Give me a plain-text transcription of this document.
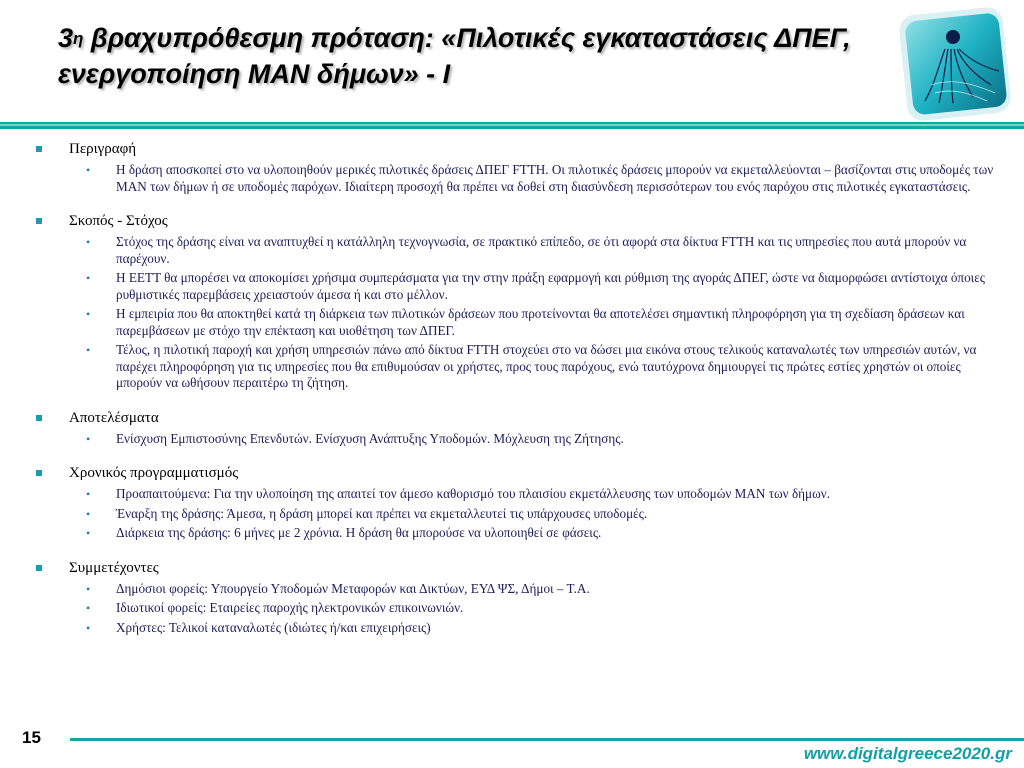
$3^\eta$ βραχυπρόθεσμη πρόταση: «Πιλοτικές εγκαταστάσεις ΔΠΕΓ, ενεργοποίηση MAN δήμων» - I
Περιγραφή
• Η δράση αποσκοπεί στο να υλοποιηθούν μερικές πιλοτικές δράσεις ΔΠΕΓ FTTH. Οι πιλοτικές δράσεις μπορούν να εκμεταλλεύονται – βασίζονται στις υποδομές των MAN των δήμων ή σε υποδομές παρόχων. Ιδιαίτερη προσοχή θα πρέπει να δοθεί στη διασύνδεση περισσότερων του ενός παρόχου στις πιλοτικές εγκαταστάσεις.
Σκοπός - Στόχος
• Στόχος της δράσης είναι να αναπτυχθεί η κατάλληλη τεχνογνωσία, σε πρακτικό επίπεδο, σε ότι αφορά στα δίκτυα FTTH και τις υπηρεσίες που αυτά μπορούν να παρέχουν.
• Η ΕΕΤΤ θα μπορέσει να αποκομίσει χρήσιμα συμπεράσματα για την στην πράξη εφαρμογή και ρύθμιση της αγοράς ΔΠΕΓ, ώστε να διαμορφώσει αντίστοιχα όποιες ρυθμιστικές παρεμβάσεις χρειαστούν άμεσα ή και στο μέλλον.
• Η εμπειρία που θα αποκτηθεί κατά τη διάρκεια των πιλοτικών δράσεων που προτείνονται θα αποτελέσει σημαντική πληροφόρηση για τη σχεδίαση δράσεων και παρεμβάσεων με στόχο την επέκταση και υιοθέτηση των ΔΠΕΓ.
• Τέλος, η πιλοτική παροχή και χρήση υπηρεσιών πάνω από δίκτυα FTTH στοχεύει στο να δώσει μια εικόνα στους τελικούς καταναλωτές των υπηρεσιών αυτών, να παρέχει πληροφόρηση για τις υπηρεσίες που θα επιθυμούσαν οι χρήστες, προς τους παρόχους, ενώ ταυτόχρονα δημιουργεί τις πρώτες εστίες χρηστών οι οποίες μπορούν να ωθήσουν περαιτέρω τη ζήτηση.
Αποτελέσματα
• Ενίσχυση Εμπιστοσύνης Επενδυτών. Ενίσχυση Ανάπτυξης Υποδομών. Μόχλευση της Ζήτησης.
Χρονικός προγραμματισμός
• Προαπαιτούμενα: Για την υλοποίηση της απαιτεί τον άμεσο καθορισμό του πλαισίου εκμετάλλευσης των υποδομών MAN των δήμων.
• Έναρξη της δράσης: Άμεσα, η δράση μπορεί και πρέπει να εκμεταλλευτεί τις υπάρχουσες υποδομές.
• Διάρκεια της δράσης: 6 μήνες με 2 χρόνια. Η δράση θα μπορούσε να υλοποιηθεί σε φάσεις.
Συμμετέχοντες
• Δημόσιοι φορείς: Υπουργείο Υποδομών Μεταφορών και Δικτύων, ΕΥΔ ΨΣ, Δήμοι – Τ.Α.
• Ιδιωτικοί φορείς: Εταιρείες παροχής ηλεκτρονικών επικοινωνιών.
• Χρήστες: Τελικοί καταναλωτές (ιδιώτες ή/και επιχειρήσεις)
15
www.digitalgreece2020.gr
